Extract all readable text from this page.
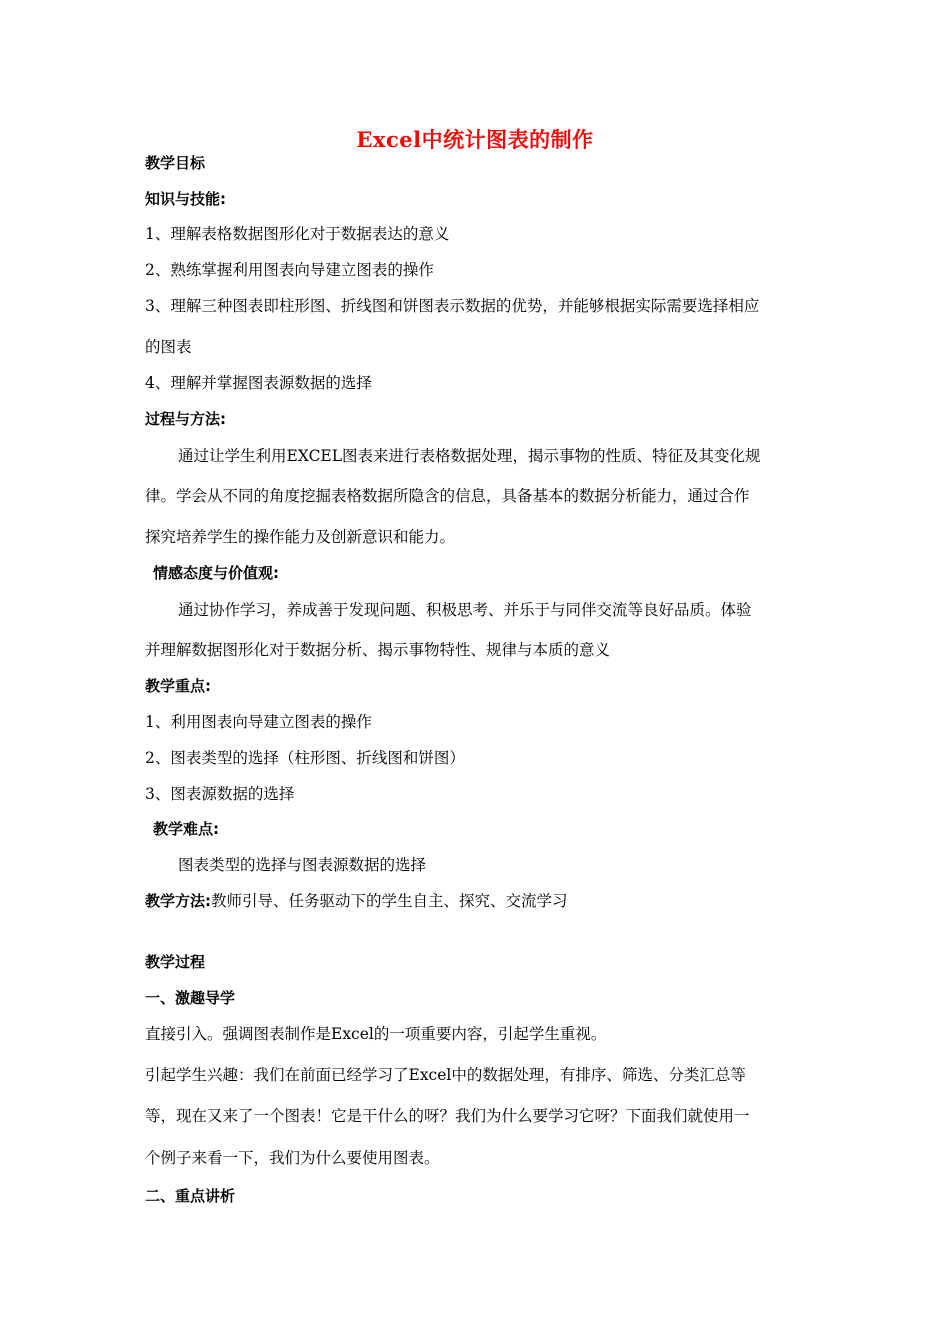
Excel中统计图表的制作
教学目标
知识与技能:
1、理解表格数据图形化对于数据表达的意义
2、熟练掌握利用图表向导建立图表的操作
3、理解三种图表即柱形图、折线图和饼图表示数据的优势，并能够根据实际需要选择相应
的图表
4、理解并掌握图表源数据的选择
过程与方法:
通过让学生利用EXCEL图表来进行表格数据处理，揭示事物的性质、特征及其变化规
律。学会从不同的角度挖掘表格数据所隐含的信息，具备基本的数据分析能力，通过合作
探究培养学生的操作能力及创新意识和能力。
情感态度与价值观:
通过协作学习，养成善于发现问题、积极思考、并乐于与同伴交流等良好品质。体验
并理解数据图形化对于数据分析、揭示事物特性、规律与本质的意义
教学重点:
1、利用图表向导建立图表的操作
2、图表类型的选择（柱形图、折线图和饼图）
3、图表源数据的选择
教学难点:
图表类型的选择与图表源数据的选择
教学方法:教师引导、任务驱动下的学生自主、探究、交流学习
教学过程
一、激趣导学
直接引入。强调图表制作是Excel的一项重要内容，引起学生重视。
引起学生兴趣：我们在前面已经学习了Excel中的数据处理，有排序、筛选、分类汇总等
等，现在又来了一个图表！它是干什么的呀？我们为什么要学习它呀？下面我们就使用一
个例子来看一下，我们为什么要使用图表。
二、重点讲析
